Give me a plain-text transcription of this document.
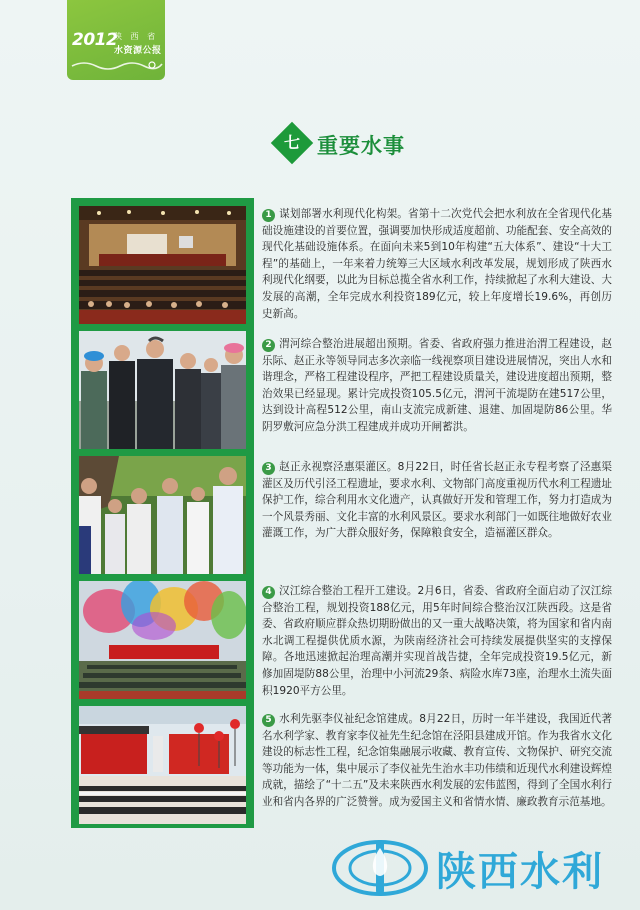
2012
陕 西 省
水资源公报
七 重要水事
1 谋划部署水利现代化构架。省第十二次党代会把水利放在全省现代化基础设施建设的首要位置，强调要加快形成适度超前、功能配套、安全高效的现代化基础设施体系。在面向未来5到10年构建“五大体系”、建设“十大工程”的基础上，一年来着力统筹三大区域水利改革发展，规划形成了陕西水利现代化纲要，以此为目标总揽全省水利工作，持续掀起了水利大建设、大发展的高潮，全年完成水利投资189亿元，较上年度增长19.6%，再创历史新高。
2 渭河综合整治进展超出预期。省委、省政府强力推进治渭工程建设，赵乐际、赵正永等领导同志多次亲临一线视察项目建设进展情况，突出人水和谐理念，严格工程建设程序，严把工程建设质量关，建设进度超出预期，整治效果已经显现。累计完成投资105.5亿元，渭河干流堤防在建517公里，达到设计高程512公里，南山支流完成新建、退建、加固堤防86公里。华阴罗敷河应急分洪工程建成并成功开闸蓄洪。
3 赵正永视察泾惠渠灌区。8月22日，时任省长赵正永专程考察了泾惠渠灌区及历代引泾工程遗址，要求水利、文物部门高度重视历代水利工程遗址保护工作，综合利用水文化遗产，认真做好开发和管理工作，努力打造成为一个风景秀丽、文化丰富的水利风景区。要求水利部门一如既往地做好农业灌溉工作，为广大群众服好务，保障粮食安全，造福灌区群众。
4 汉江综合整治工程开工建设。2月6日，省委、省政府全面启动了汉江综合整治工程，规划投资188亿元，用5年时间综合整治汉江陕西段。这是省委、省政府顺应群众热切期盼做出的又一重大战略决策，将为国家和省内南水北调工程提供优质水源，为陕南经济社会可持续发展提供坚实的支撑保障。各地迅速掀起治理高潮并实现首战告捷，全年完成投资19.5亿元，新修加固堤防88公里，治理中小河流29条、病险水库73座，治理水土流失面积1920平方公里。
5 水利先驱李仪祉纪念馆建成。8月22日，历时一年半建设，我国近代著名水利学家、教育家李仪祉先生纪念馆在泾阳县建成开馆。作为我省水文化建设的标志性工程，纪念馆集融展示收藏、教育宣传、文物保护、研究交流等功能为一体，集中展示了李仪祉先生治水丰功伟绩和近现代水利建设辉煌成就，描绘了“十二五”及未来陕西水利发展的宏伟蓝图，得到了全国水利行业和省内各界的广泛赞誉。成为爱国主义和省情水情、廉政教育示范基地。
陕西水利
